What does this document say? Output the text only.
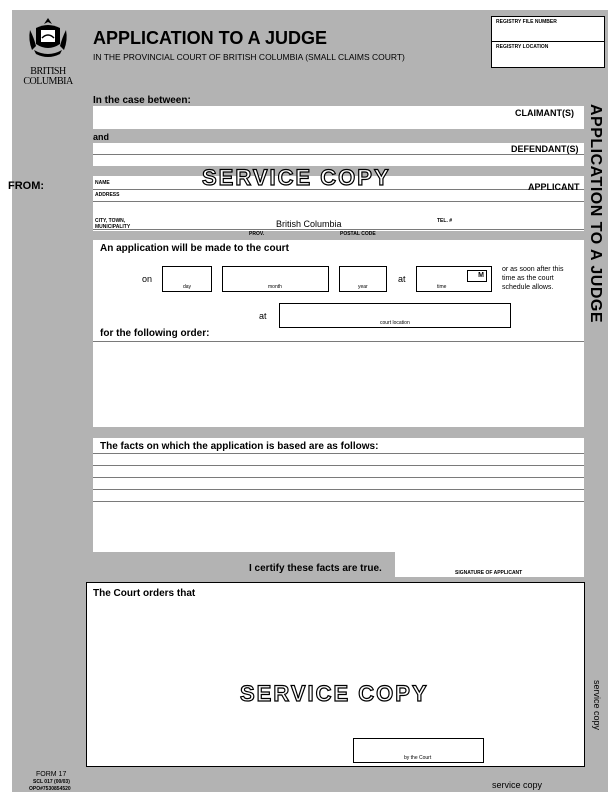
BRITISH
COLUMBIA
APPLICATION TO A JUDGE
IN THE PROVINCIAL COURT OF BRITISH COLUMBIA (SMALL CLAIMS COURT)
REGISTRY FILE NUMBER
REGISTRY LOCATION
APPLICATION TO A JUDGE
In the case between:
CLAIMANT(S)
and
DEFENDANT(S)
FROM:	NAME
ADDRESS
CITY, TOWN, MUNICIPALITY	British Columbia
PROV.	POSTAL CODE
TEL. #
APPLICANT
SERVICE COPY
An application will be made to the court
on
day	month	year
at
time
M
or as soon after this time as the court schedule allows.
at
court location
for the following order:
The facts on which the application is based are as follows:
I certify these facts are true.	SIGNATURE OF APPLICANT
The Court orders that
SERVICE COPY
by the Court
FORM 17
SCL 017 (00/03)
OPO#7530854520	service copy
service copy
